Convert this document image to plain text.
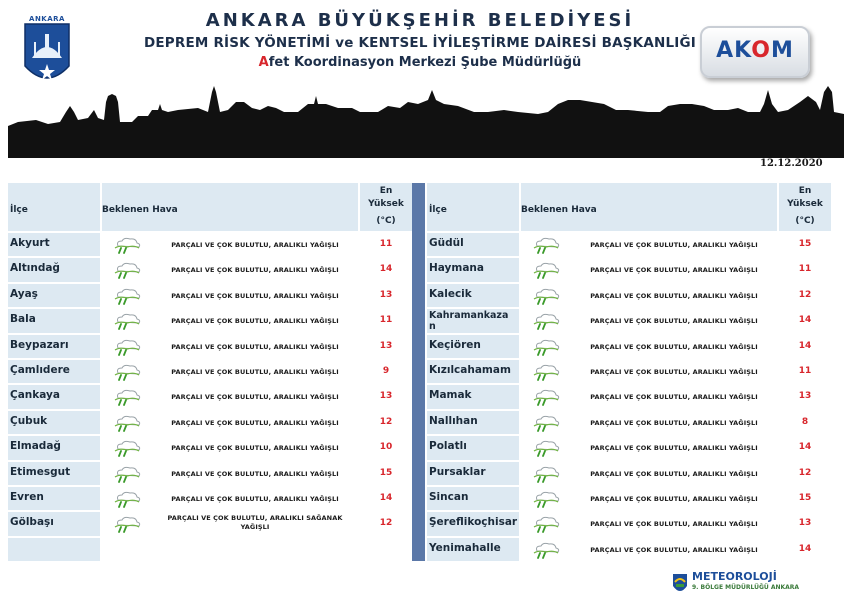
ANKARA	ANKARA BÜYÜKŞEHİR BELEDİYESİ
DEPREM RİSK YÖNETİMİ ve KENTSEL İYİLEŞTİRME DAİRESİ BAŞKANLIĞI
Afet Koordinasyon Merkezi Şube Müdürlüğü	AKOM
12.12.2020
İlçe	Beklenen Hava
En
Yüksek
(°C)
Akyurt	PARÇALI VE ÇOK BULUTLU, ARALIKLI YAĞIŞLI	11
Altındağ	PARÇALI VE ÇOK BULUTLU, ARALIKLI YAĞIŞLI	14
Ayaş	PARÇALI VE ÇOK BULUTLU, ARALIKLI YAĞIŞLI	13
Bala	PARÇALI VE ÇOK BULUTLU, ARALIKLI YAĞIŞLI	11
Beypazarı	PARÇALI VE ÇOK BULUTLU, ARALIKLI YAĞIŞLI	13
Çamlıdere	PARÇALI VE ÇOK BULUTLU, ARALIKLI YAĞIŞLI	9
Çankaya	PARÇALI VE ÇOK BULUTLU, ARALIKLI YAĞIŞLI	13
Çubuk	PARÇALI VE ÇOK BULUTLU, ARALIKLI YAĞIŞLI	12
Elmadağ	PARÇALI VE ÇOK BULUTLU, ARALIKLI YAĞIŞLI	10
Etimesgut	PARÇALI VE ÇOK BULUTLU, ARALIKLI YAĞIŞLI	15
Evren	PARÇALI VE ÇOK BULUTLU, ARALIKLI YAĞIŞLI	14
Gölbaşı	PARÇALI VE ÇOK BULUTLU, ARALIKLI SAĞANAK
YAĞIŞLI	12
İlçe	Beklenen Hava
En
Yüksek
(°C)
Güdül	PARÇALI VE ÇOK BULUTLU, ARALIKLI YAĞIŞLI	15
Haymana	PARÇALI VE ÇOK BULUTLU, ARALIKLI YAĞIŞLI	11
Kalecik	PARÇALI VE ÇOK BULUTLU, ARALIKLI YAĞIŞLI	12
Kahramankaza
n	PARÇALI VE ÇOK BULUTLU, ARALIKLI YAĞIŞLI	14
Keçiören	PARÇALI VE ÇOK BULUTLU, ARALIKLI YAĞIŞLI	14
Kızılcahamam	PARÇALI VE ÇOK BULUTLU, ARALIKLI YAĞIŞLI	11
Mamak	PARÇALI VE ÇOK BULUTLU, ARALIKLI YAĞIŞLI	13
Nallıhan	PARÇALI VE ÇOK BULUTLU, ARALIKLI YAĞIŞLI	8
Polatlı	PARÇALI VE ÇOK BULUTLU, ARALIKLI YAĞIŞLI	14
Pursaklar	PARÇALI VE ÇOK BULUTLU, ARALIKLI YAĞIŞLI	12
Sincan	PARÇALI VE ÇOK BULUTLU, ARALIKLI YAĞIŞLI	15
Şereflikoçhisar	PARÇALI VE ÇOK BULUTLU, ARALIKLI YAĞIŞLI	13
Yenimahalle	PARÇALI VE ÇOK BULUTLU, ARALIKLI YAĞIŞLI	14
METEOROLOJİ
9. BÖLGE MÜDÜRLÜĞÜ ANKARA
